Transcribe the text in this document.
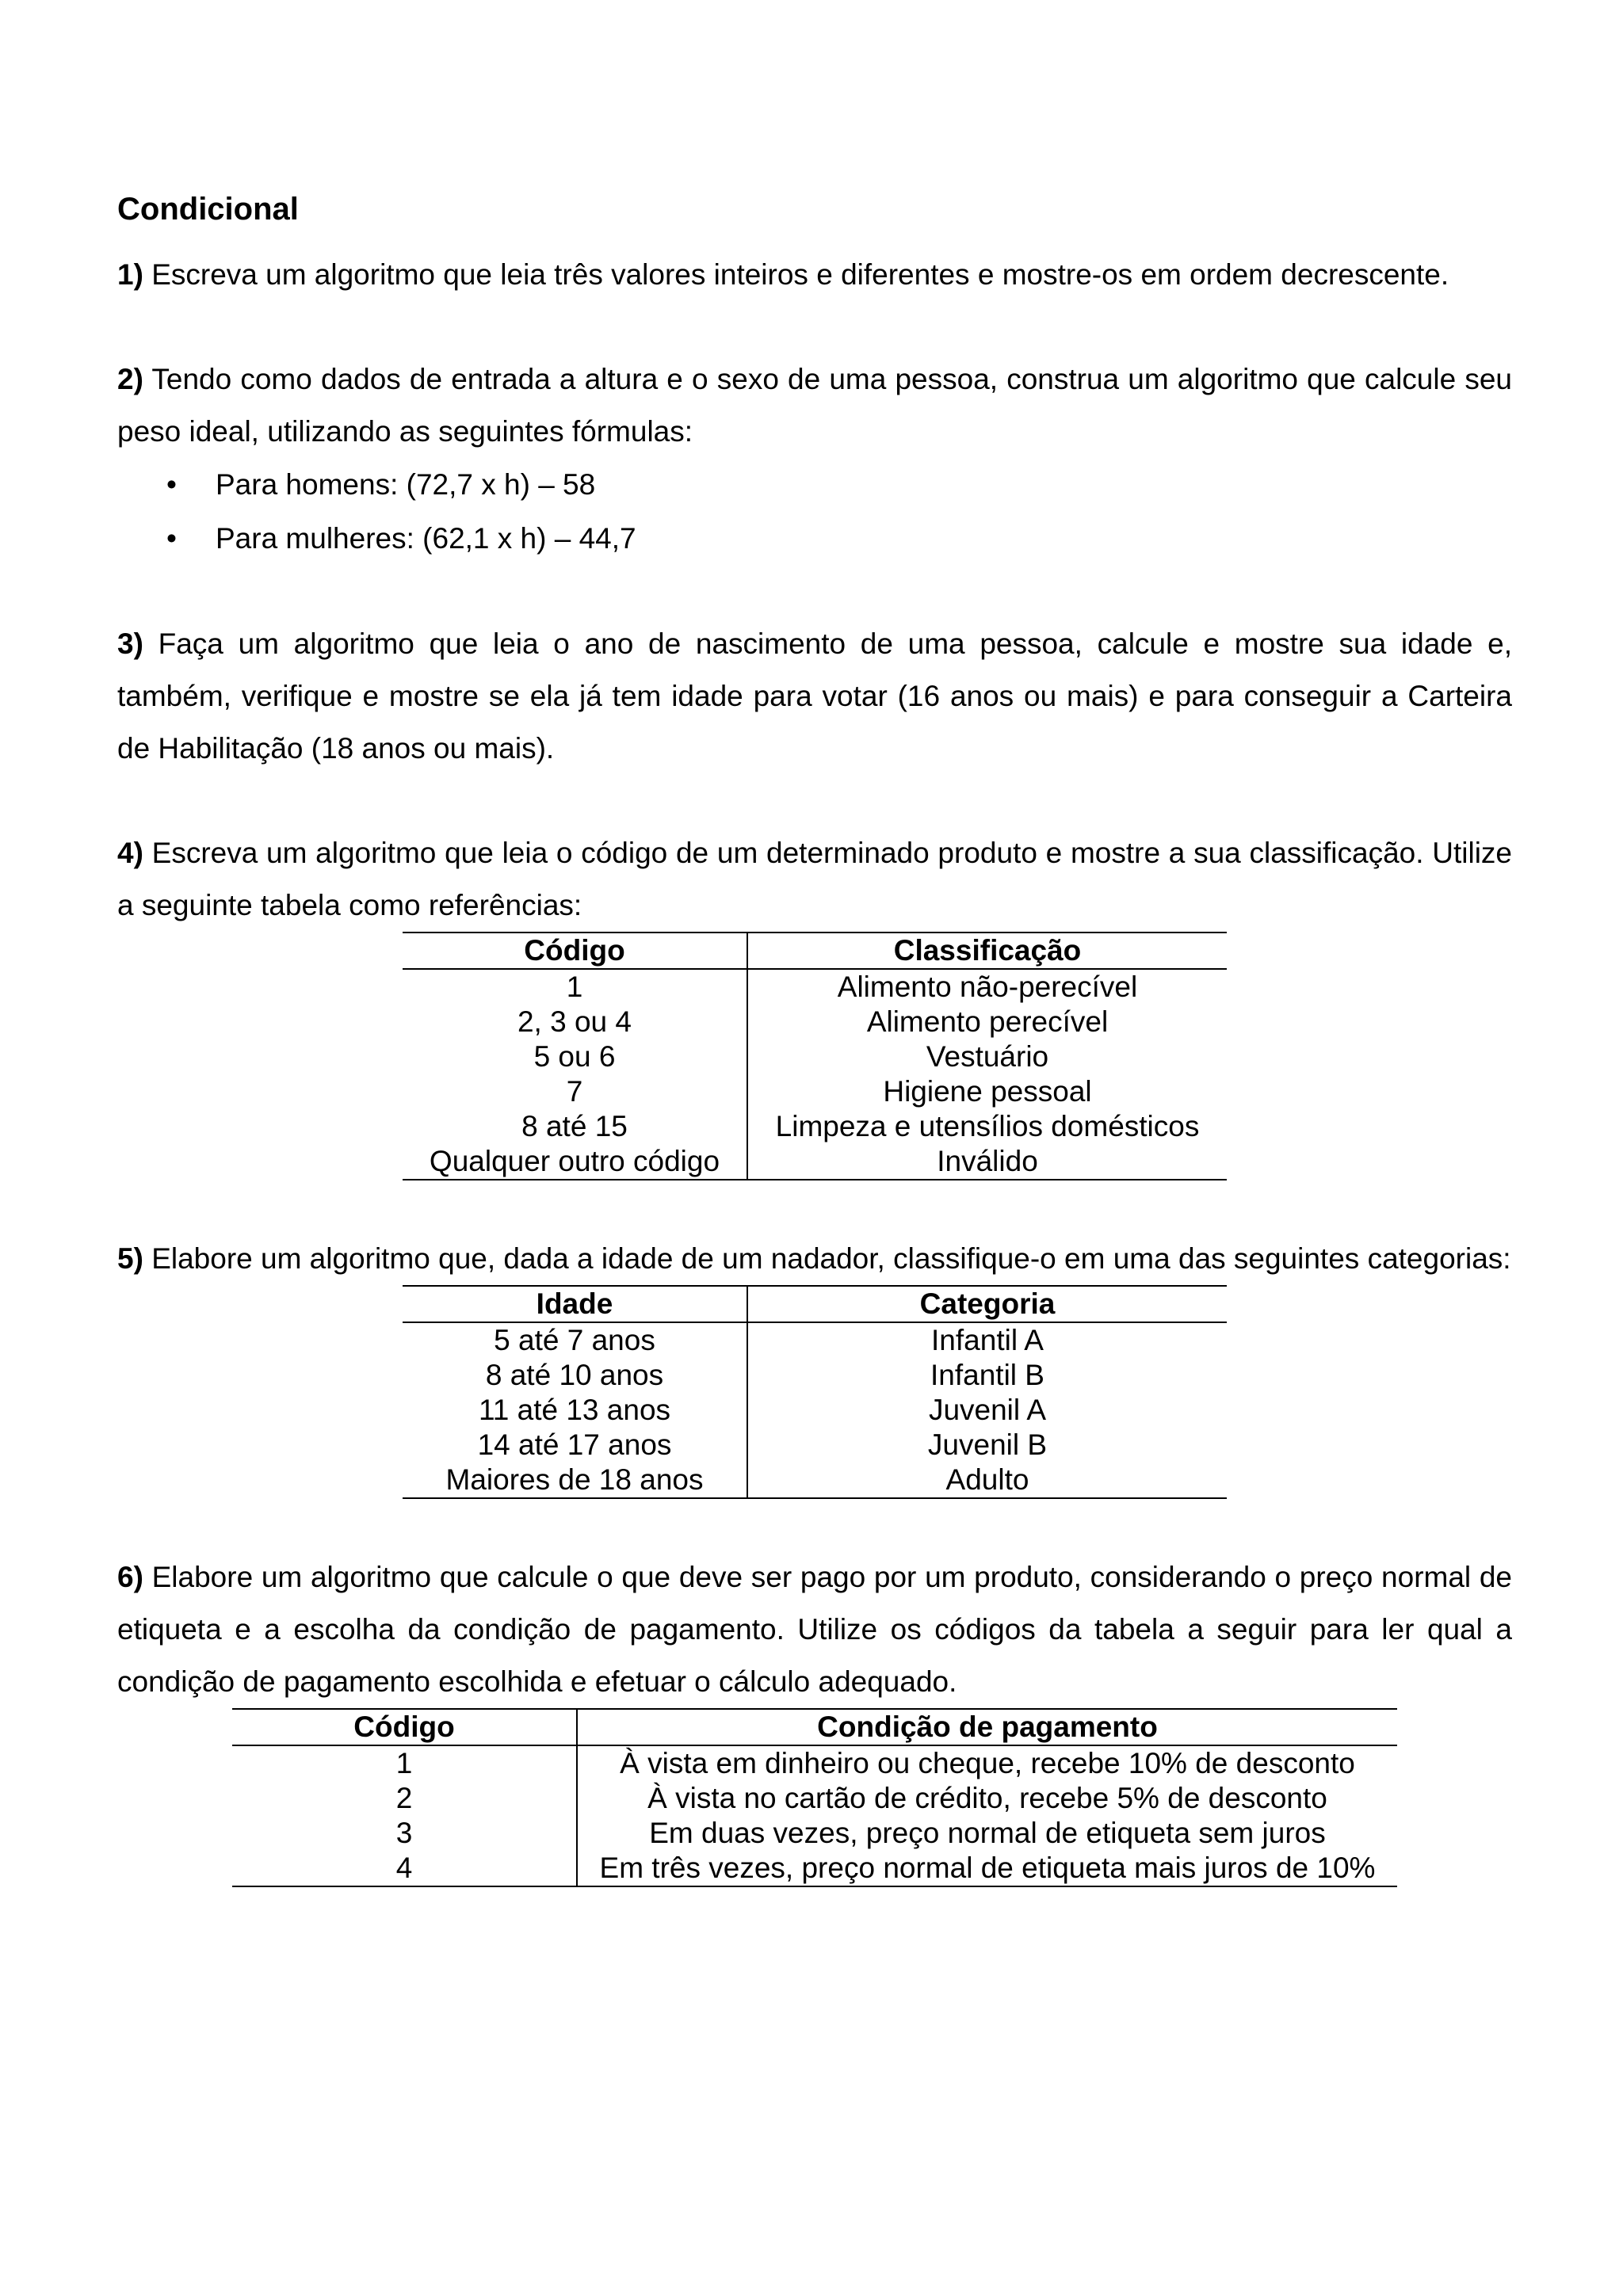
Condicional

1) Escreva um algoritmo que leia três valores inteiros e diferentes e mostre-os em ordem decrescente.

2) Tendo como dados de entrada a altura e o sexo de uma pessoa, construa um algoritmo que calcule seu peso ideal, utilizando as seguintes fórmulas:

• Para homens: (72,7 x h) – 58
• Para mulheres: (62,1 x h) – 44,7

3) Faça um algoritmo que leia o ano de nascimento de uma pessoa, calcule e mostre sua idade e, também, verifique e mostre se ela já tem idade para votar (16 anos ou mais) e para conseguir a Carteira de Habilitação (18 anos ou mais).

4) Escreva um algoritmo que leia o código de um determinado produto e mostre a sua classificação. Utilize a seguinte tabela como referências:

Código	Classificação
1	Alimento não-perecível
2, 3 ou 4	Alimento perecível
5 ou 6	Vestuário
7	Higiene pessoal
8 até 15	Limpeza e utensílios domésticos
Qualquer outro código	Inválido

5) Elabore um algoritmo que, dada a idade de um nadador, classifique-o em uma das seguintes categorias:

Idade	Categoria
5 até 7 anos	Infantil A
8 até 10 anos	Infantil B
11 até 13 anos	Juvenil A
14 até 17 anos	Juvenil B
Maiores de 18 anos	Adulto

6) Elabore um algoritmo que calcule o que deve ser pago por um produto, considerando o preço normal de etiqueta e a escolha da condição de pagamento. Utilize os códigos da tabela a seguir para ler qual a condição de pagamento escolhida e efetuar o cálculo adequado.

Código	Condição de pagamento
1	À vista em dinheiro ou cheque, recebe 10% de desconto
2	À vista no cartão de crédito, recebe 5% de desconto
3	Em duas vezes, preço normal de etiqueta sem juros
4	Em três vezes, preço normal de etiqueta mais juros de 10%
